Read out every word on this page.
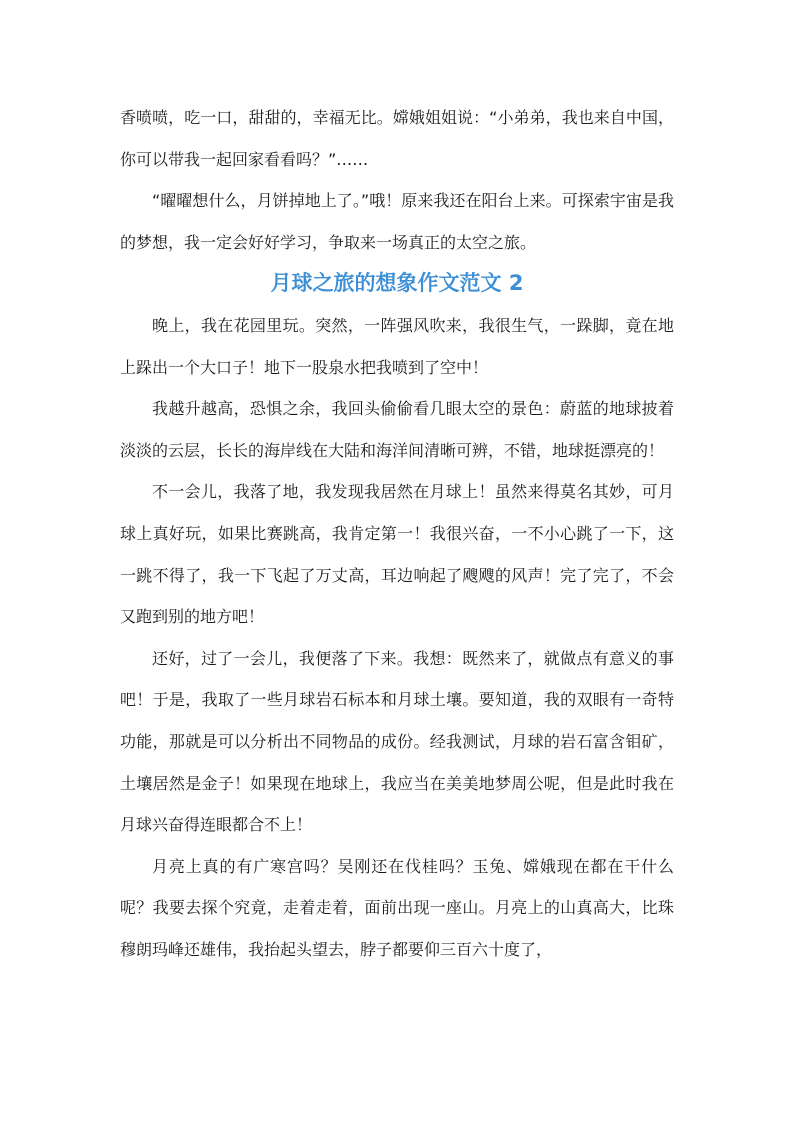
香喷喷，吃一口，甜甜的，幸福无比。嫦娥姐姐说：“小弟弟，我也来自中国，你可以带我一起回家看看吗？”……

“曜曜想什么，月饼掉地上了。”哦！原来我还在阳台上来。可探索宇宙是我的梦想，我一定会好好学习，争取来一场真正的太空之旅。

月球之旅的想象作文范文 2

晚上，我在花园里玩。突然，一阵强风吹来，我很生气，一跺脚，竟在地上跺出一个大口子！地下一股泉水把我喷到了空中！

我越升越高，恐惧之余，我回头偷偷看几眼太空的景色：蔚蓝的地球披着淡淡的云层，长长的海岸线在大陆和海洋间清晰可辨，不错，地球挺漂亮的！

不一会儿，我落了地，我发现我居然在月球上！虽然来得莫名其妙，可月球上真好玩，如果比赛跳高，我肯定第一！我很兴奋，一不小心跳了一下，这一跳不得了，我一下飞起了万丈高，耳边响起了飕飕的风声！完了完了，不会又跑到别的地方吧！

还好，过了一会儿，我便落了下来。我想：既然来了，就做点有意义的事吧！于是，我取了一些月球岩石标本和月球土壤。要知道，我的双眼有一奇特功能，那就是可以分析出不同物品的成份。经我测试，月球的岩石富含钼矿，土壤居然是金子！如果现在地球上，我应当在美美地梦周公呢，但是此时我在月球兴奋得连眼都合不上！

月亮上真的有广寒宫吗？吴刚还在伐桂吗？玉兔、嫦娥现在都在干什么呢？我要去探个究竟，走着走着，面前出现一座山。月亮上的山真高大，比珠穆朗玛峰还雄伟，我抬起头望去，脖子都要仰三百六十度了，
